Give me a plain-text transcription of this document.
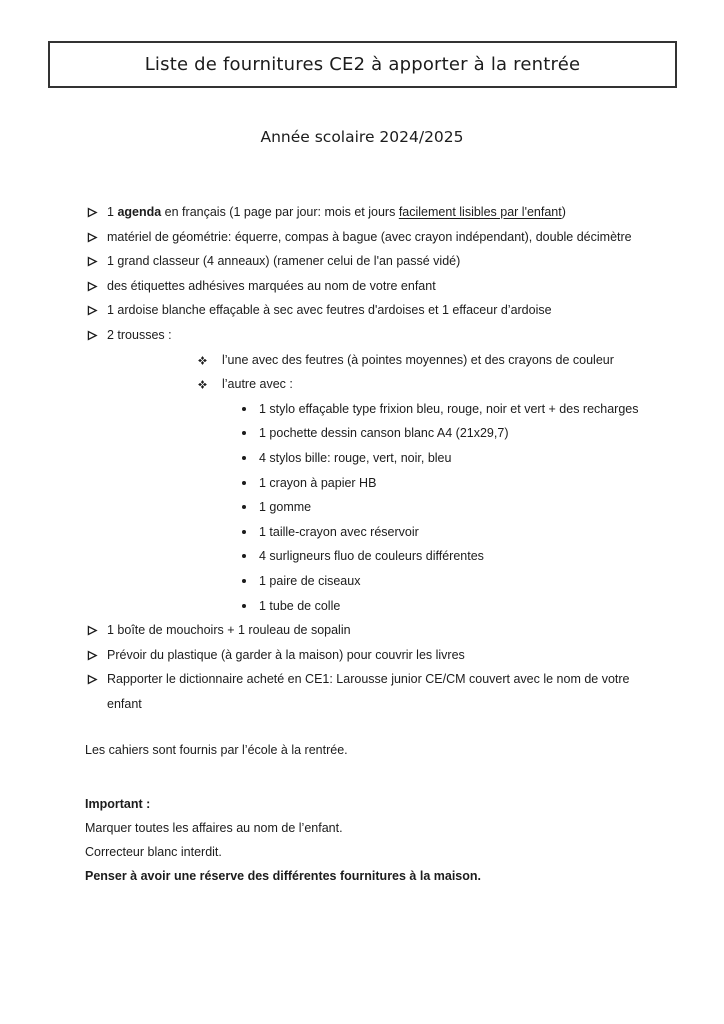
Liste de fournitures CE2 à apporter à la rentrée
Année scolaire 2024/2025
1 agenda en français (1 page par jour: mois et jours facilement lisibles par l'enfant)
matériel de géométrie: équerre, compas à bague (avec crayon indépendant), double décimètre
1 grand classeur (4 anneaux) (ramener celui de l'an passé vidé)
des étiquettes adhésives marquées au nom de votre enfant
1 ardoise blanche effaçable à sec avec feutres d'ardoises et 1 effaceur d’ardoise
2 trousses :
l’une avec des feutres (à pointes moyennes) et des crayons de couleur
l’autre avec :
1 stylo effaçable type frixion bleu, rouge, noir et vert + des recharges
1 pochette dessin canson blanc A4 (21x29,7)
4 stylos bille: rouge, vert, noir, bleu
1 crayon à papier HB
1 gomme
1 taille-crayon avec réservoir
4 surligneurs fluo de couleurs différentes
1 paire de ciseaux
1 tube de colle
1 boîte de mouchoirs + 1 rouleau de sopalin
Prévoir du plastique (à garder à la maison) pour couvrir les livres
Rapporter le dictionnaire acheté en CE1: Larousse junior CE/CM couvert avec le nom de votre
enfant
Les cahiers sont fournis par l’école à la rentrée.
Important :
Marquer toutes les affaires au nom de l’enfant.
Correcteur blanc interdit.
Penser à avoir une réserve des différentes fournitures à la maison.
